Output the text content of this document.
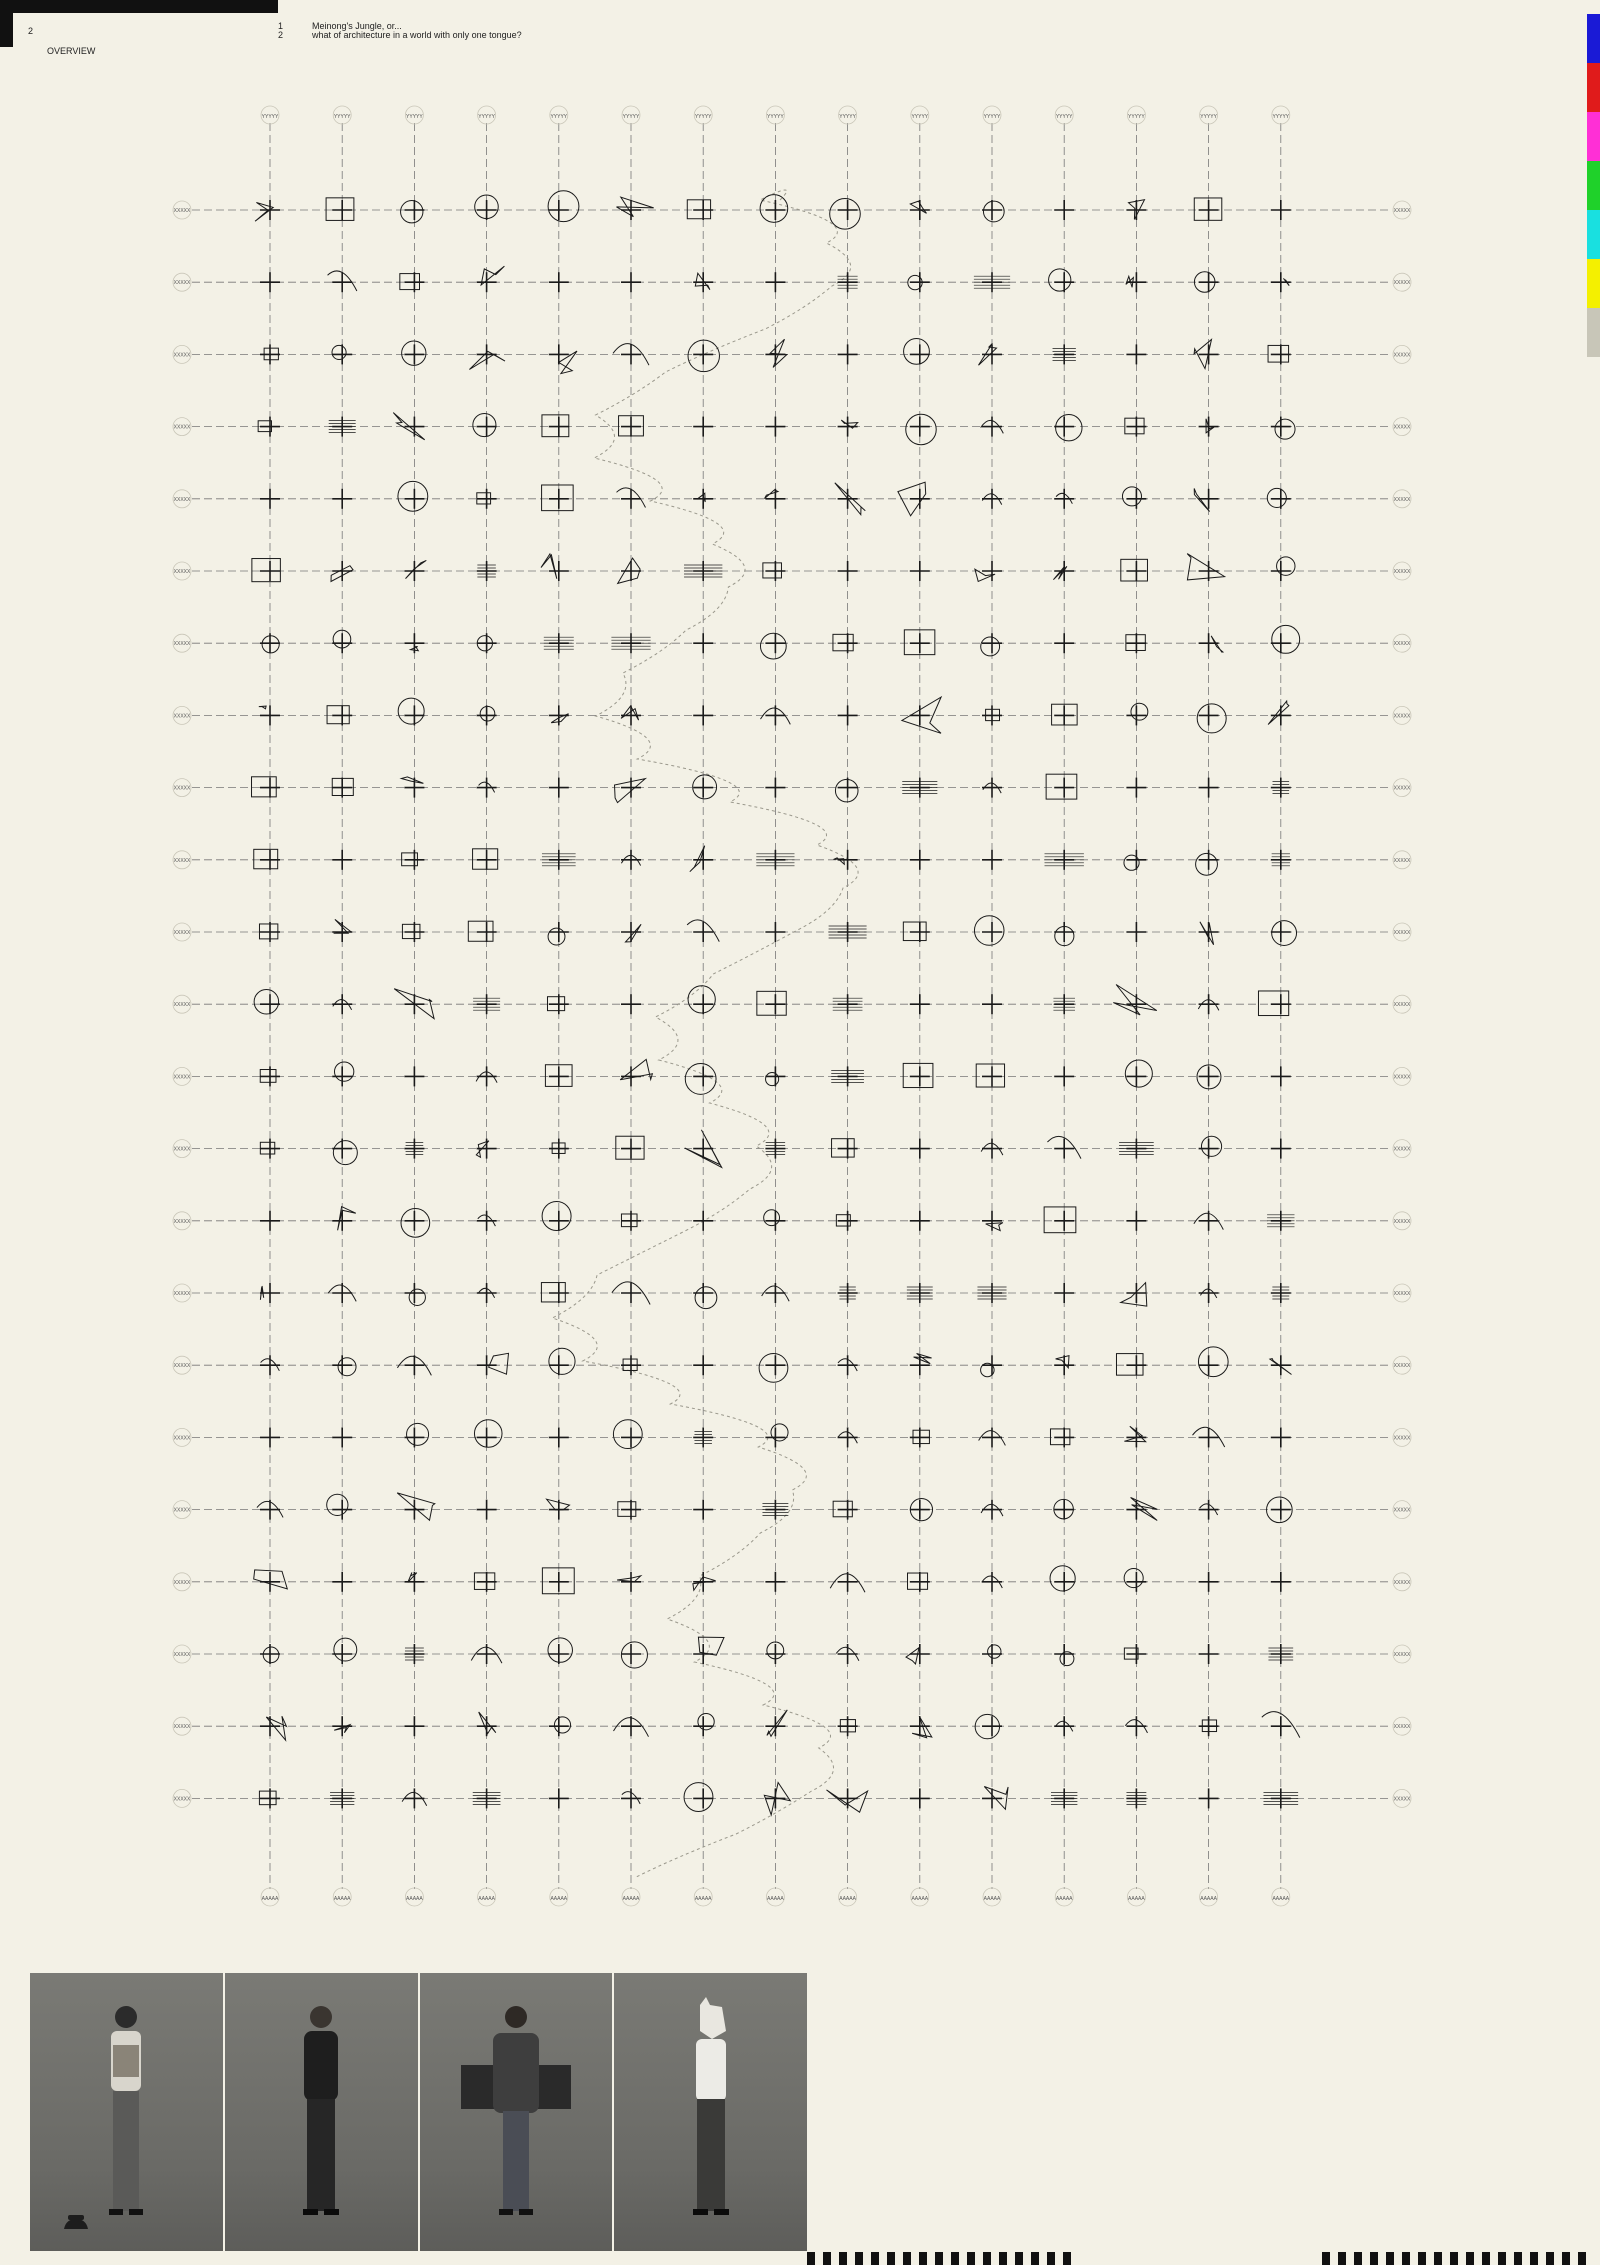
2
OVERVIEW
1
2
Meinong's Jungle, or...
what of architecture in a world with only one tongue?
YYYYY
AAAAA
YYYYY
AAAAA
YYYYY
AAAAA
YYYYY
AAAAA
YYYYY
AAAAA
YYYYY
AAAAA
YYYYY
AAAAA
YYYYY
AAAAA
YYYYY
AAAAA
YYYYY
AAAAA
YYYYY
AAAAA
YYYYY
AAAAA
YYYYY
AAAAA
YYYYY
AAAAA
YYYYY
AAAAA
XXXXX	XXXXX
XXXXX	XXXXX
XXXXX	XXXXX
XXXXX	XXXXX
XXXXX	XXXXX
XXXXX	XXXXX
XXXXX	XXXXX
XXXXX	XXXXX
XXXXX	XXXXX
XXXXX	XXXXX
XXXXX	XXXXX
XXXXX	XXXXX
XXXXX	XXXXX
XXXXX	XXXXX
XXXXX	XXXXX
XXXXX	XXXXX
XXXXX	XXXXX
XXXXX	XXXXX
XXXXX	XXXXX
XXXXX	XXXXX
XXXXX	XXXXX
XXXXX	XXXXX
XXXXX	XXXXX
